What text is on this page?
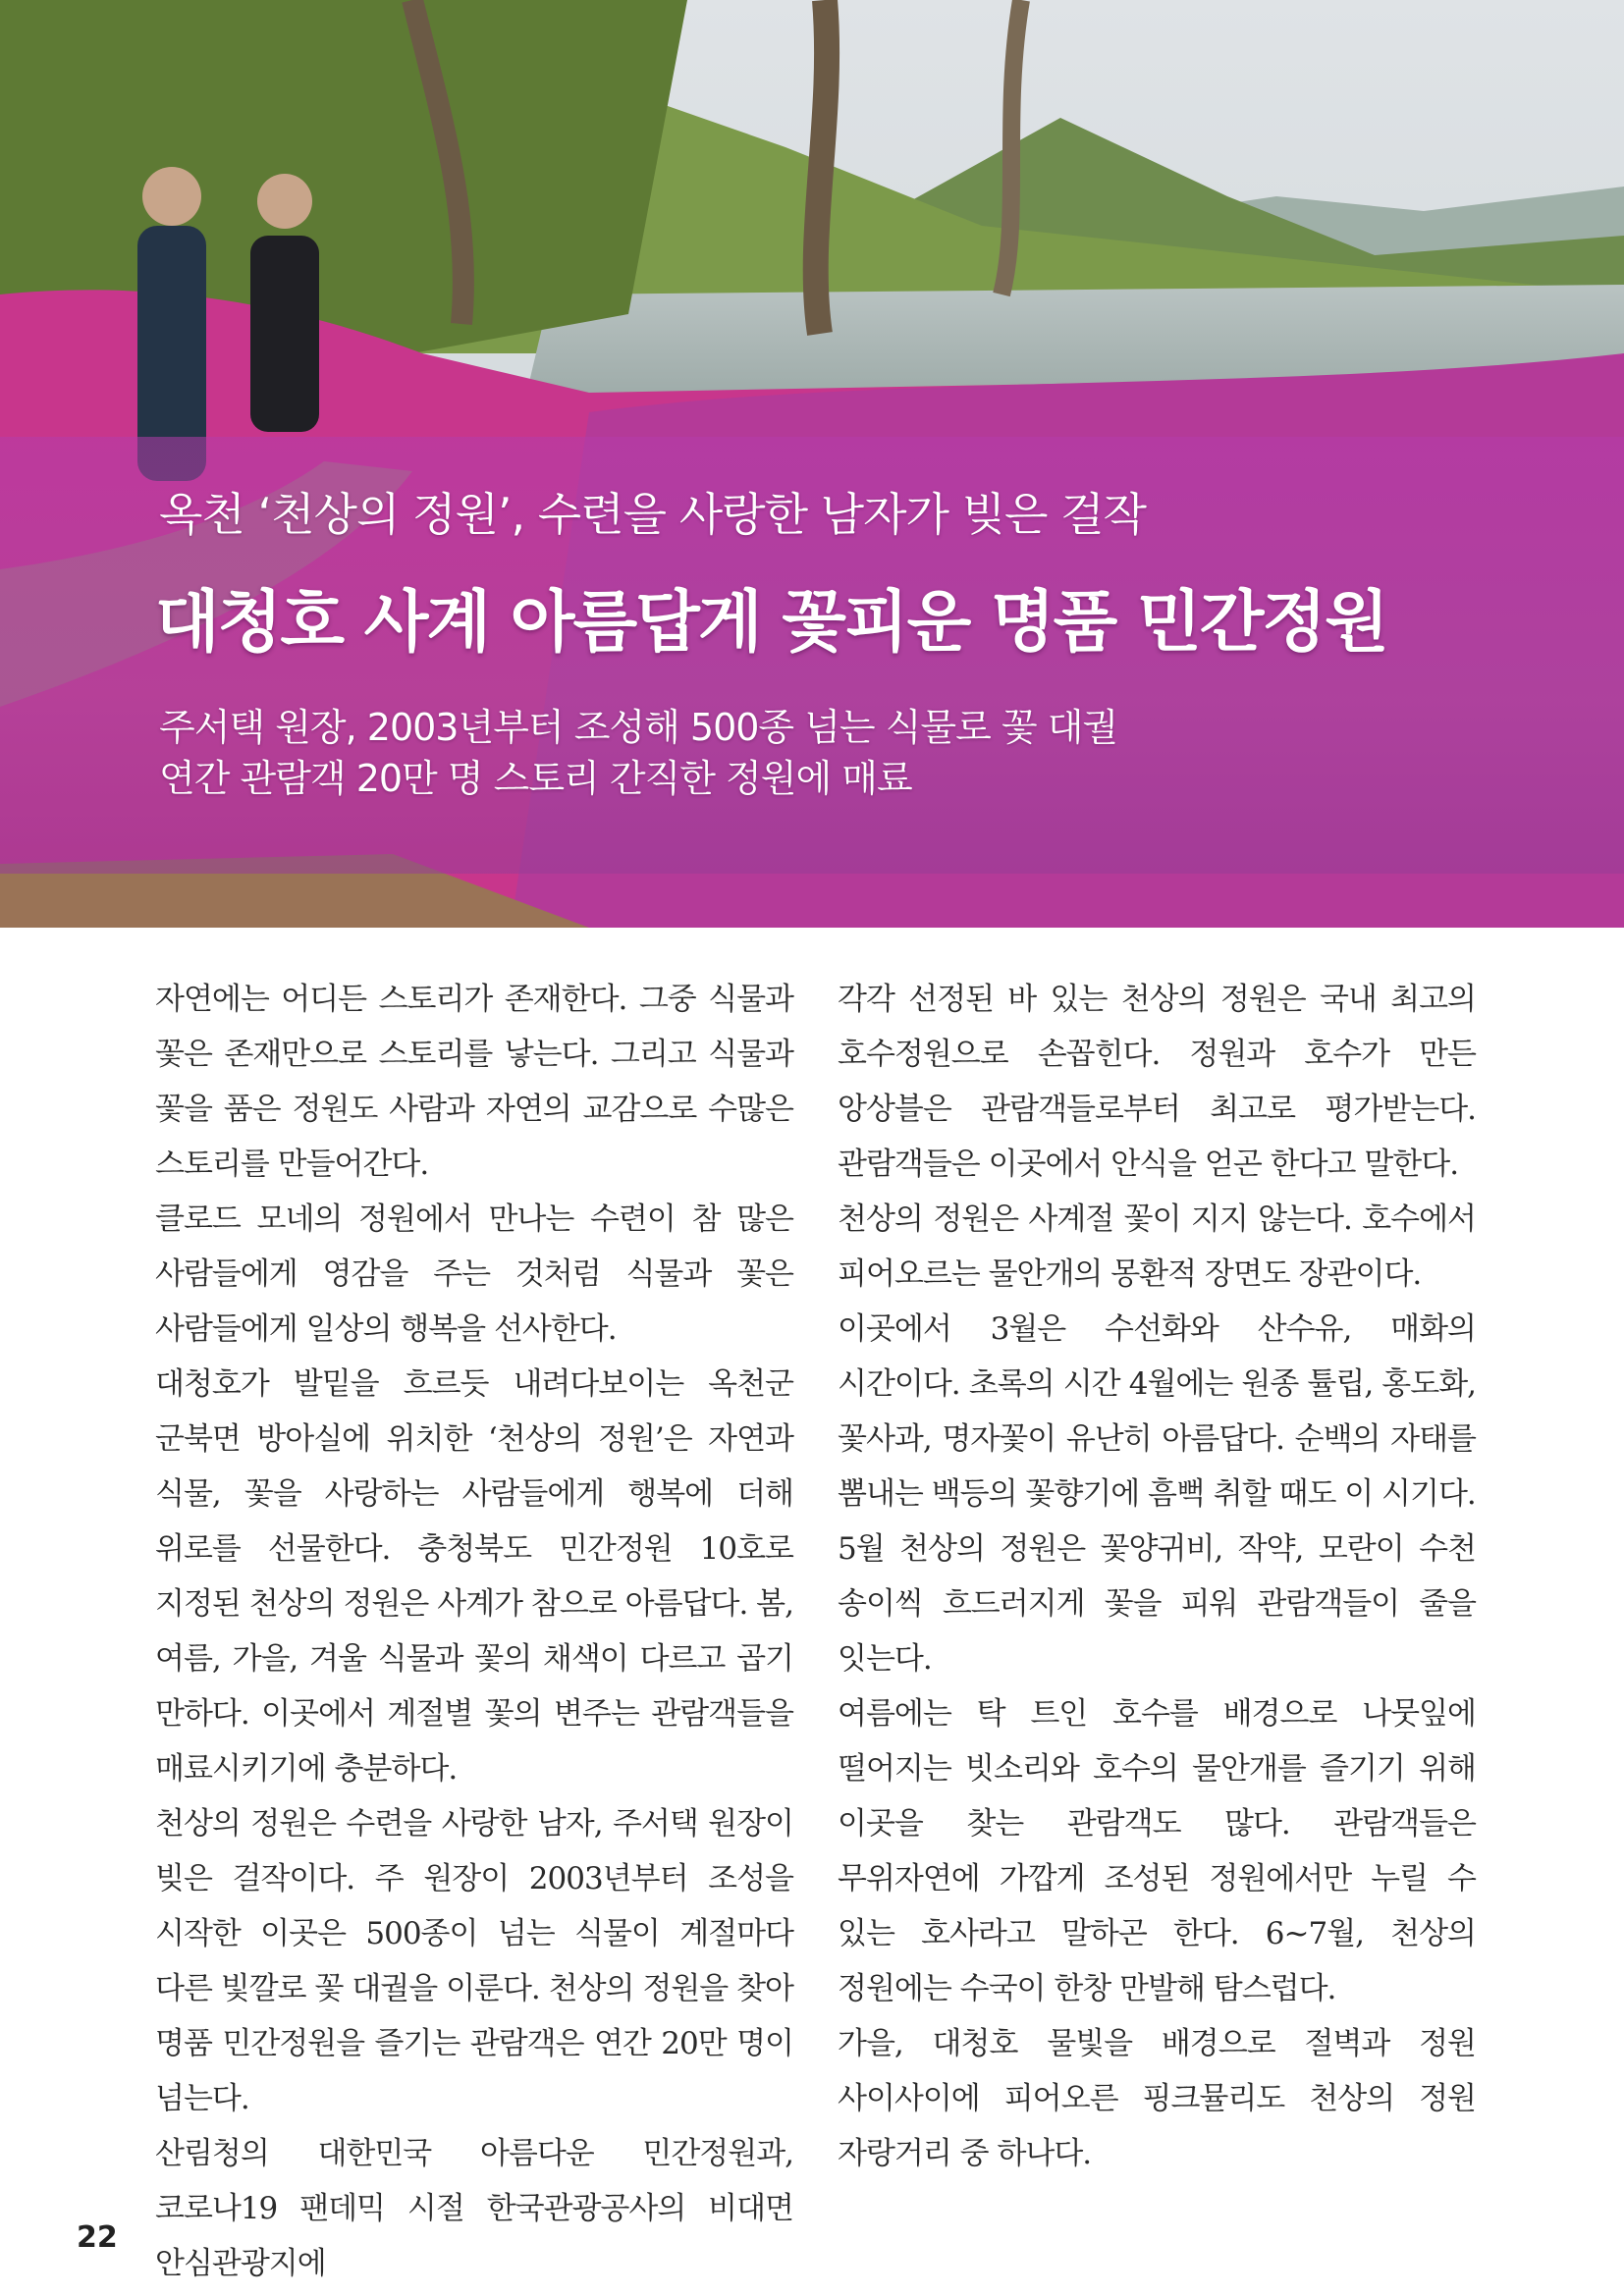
옥천 ‘천상의 정원’, 수련을 사랑한 남자가 빚은 걸작
대청호 사계 아름답게 꽃피운 명품 민간정원
주서택 원장, 2003년부터 조성해 500종 넘는 식물로 꽃 대궐
연간 관람객 20만 명 스토리 간직한 정원에 매료

자연에는 어디든 스토리가 존재한다. 그중 식물과 꽃은 존재만으로 스토리를 낳는다. 그리고 식물과 꽃을 품은 정원도 사람과 자연의 교감으로 수많은 스토리를 만들어간다.

클로드 모네의 정원에서 만나는 수련이 참 많은 사람들에게 영감을 주는 것처럼 식물과 꽃은 사람들에게 일상의 행복을 선사한다.

대청호가 발밑을 흐르듯 내려다보이는 옥천군 군북면 방아실에 위치한 ‘천상의 정원’은 자연과 식물, 꽃을 사랑하는 사람들에게 행복에 더해 위로를 선물한다. 충청북도 민간정원 10호로 지정된 천상의 정원은 사계가 참으로 아름답다. 봄, 여름, 가을, 겨울 식물과 꽃의 채색이 다르고 곱기 만하다. 이곳에서 계절별 꽃의 변주는 관람객들을 매료시키기에 충분하다.

천상의 정원은 수련을 사랑한 남자, 주서택 원장이 빚은 걸작이다. 주 원장이 2003년부터 조성을 시작한 이곳은 500종이 넘는 식물이 계절마다 다른 빛깔로 꽃 대궐을 이룬다. 천상의 정원을 찾아 명품 민간정원을 즐기는 관람객은 연간 20만 명이 넘는다.

산림청의 대한민국 아름다운 민간정원과, 코로나19 팬데믹 시절 한국관광공사의 비대면 안심관광지에

각각 선정된 바 있는 천상의 정원은 국내 최고의 호수정원으로 손꼽힌다. 정원과 호수가 만든 앙상블은 관람객들로부터 최고로 평가받는다. 관람객들은 이곳에서 안식을 얻곤 한다고 말한다.

천상의 정원은 사계절 꽃이 지지 않는다. 호수에서 피어오르는 물안개의 몽환적 장면도 장관이다.

이곳에서 3월은 수선화와 산수유, 매화의 시간이다. 초록의 시간 4월에는 원종 튤립, 홍도화, 꽃사과, 명자꽃이 유난히 아름답다. 순백의 자태를 뽐내는 백등의 꽃향기에 흠뻑 취할 때도 이 시기다.

5월 천상의 정원은 꽃양귀비, 작약, 모란이 수천 송이씩 흐드러지게 꽃을 피워 관람객들이 줄을 잇는다.

여름에는 탁 트인 호수를 배경으로 나뭇잎에 떨어지는 빗소리와 호수의 물안개를 즐기기 위해 이곳을 찾는 관람객도 많다. 관람객들은 무위자연에 가깝게 조성된 정원에서만 누릴 수 있는 호사라고 말하곤 한다. 6~7월, 천상의 정원에는 수국이 한창 만발해 탐스럽다.

가을, 대청호 물빛을 배경으로 절벽과 정원 사이사이에 피어오른 핑크뮬리도 천상의 정원 자랑거리 중 하나다.

22
